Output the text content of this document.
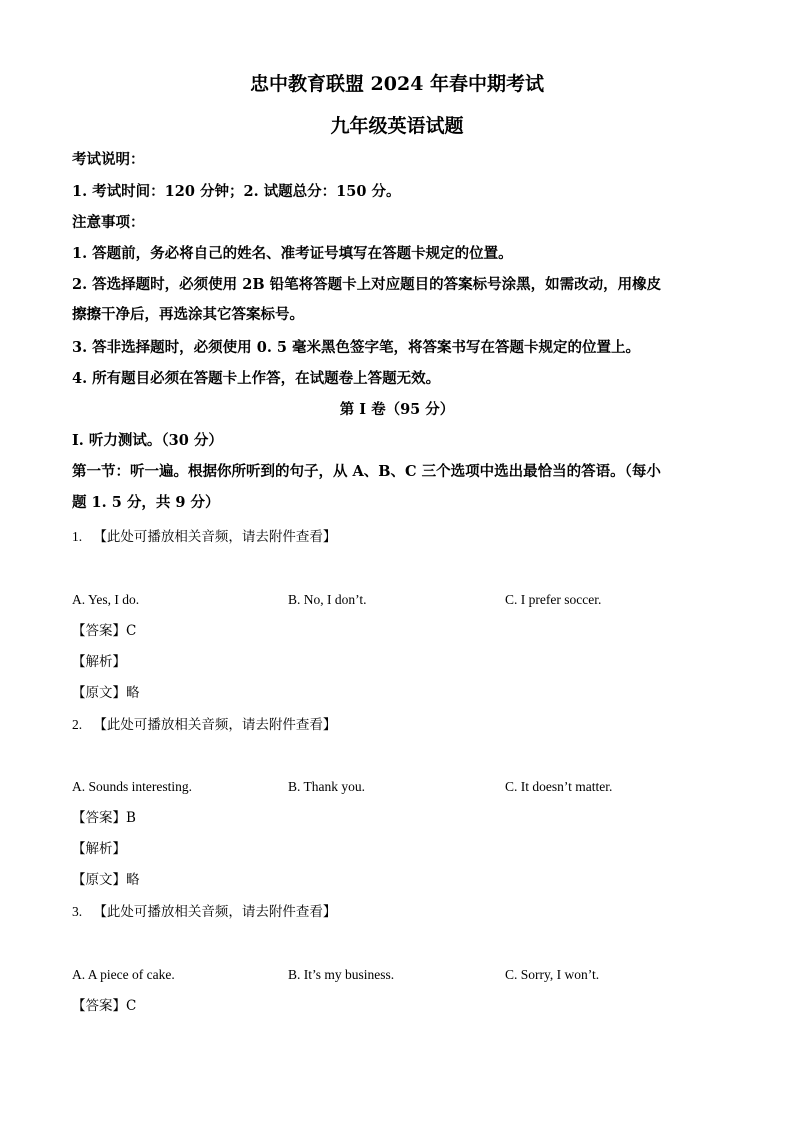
忠中教育联盟 2024 年春中期考试
九年级英语试题
考试说明：
1. 考试时间：120 分钟；2. 试题总分：150 分。
注意事项：
1. 答题前，务必将自己的姓名、准考证号填写在答题卡规定的位置。
2. 答选择题时，必须使用 2B 铅笔将答题卡上对应题目的答案标号涂黑，如需改动，用橡皮
擦擦干净后，再选涂其它答案标号。
3. 答非选择题时，必须使用 0. 5 毫米黑色签字笔，将答案书写在答题卡规定的位置上。
4. 所有题目必须在答题卡上作答，在试题卷上答题无效。
第 I 卷（95 分）
I. 听力测试。（30 分）
第一节：听一遍。根据你所听到的句子，从 A、B、C 三个选项中选出最恰当的答语。（每小
题 1. 5 分，共 9 分）
1. 【此处可播放相关音频，请去附件查看】
A. Yes, I do.	B. No, I don’t.	C. I prefer soccer.
【答案】C
【解析】
【原文】略
2. 【此处可播放相关音频，请去附件查看】
A. Sounds interesting.	B. Thank you.	C. It doesn’t matter.
【答案】B
【解析】
【原文】略
3. 【此处可播放相关音频，请去附件查看】
A. A piece of cake.	B. It’s my business.	C. Sorry, I won’t.
【答案】C
